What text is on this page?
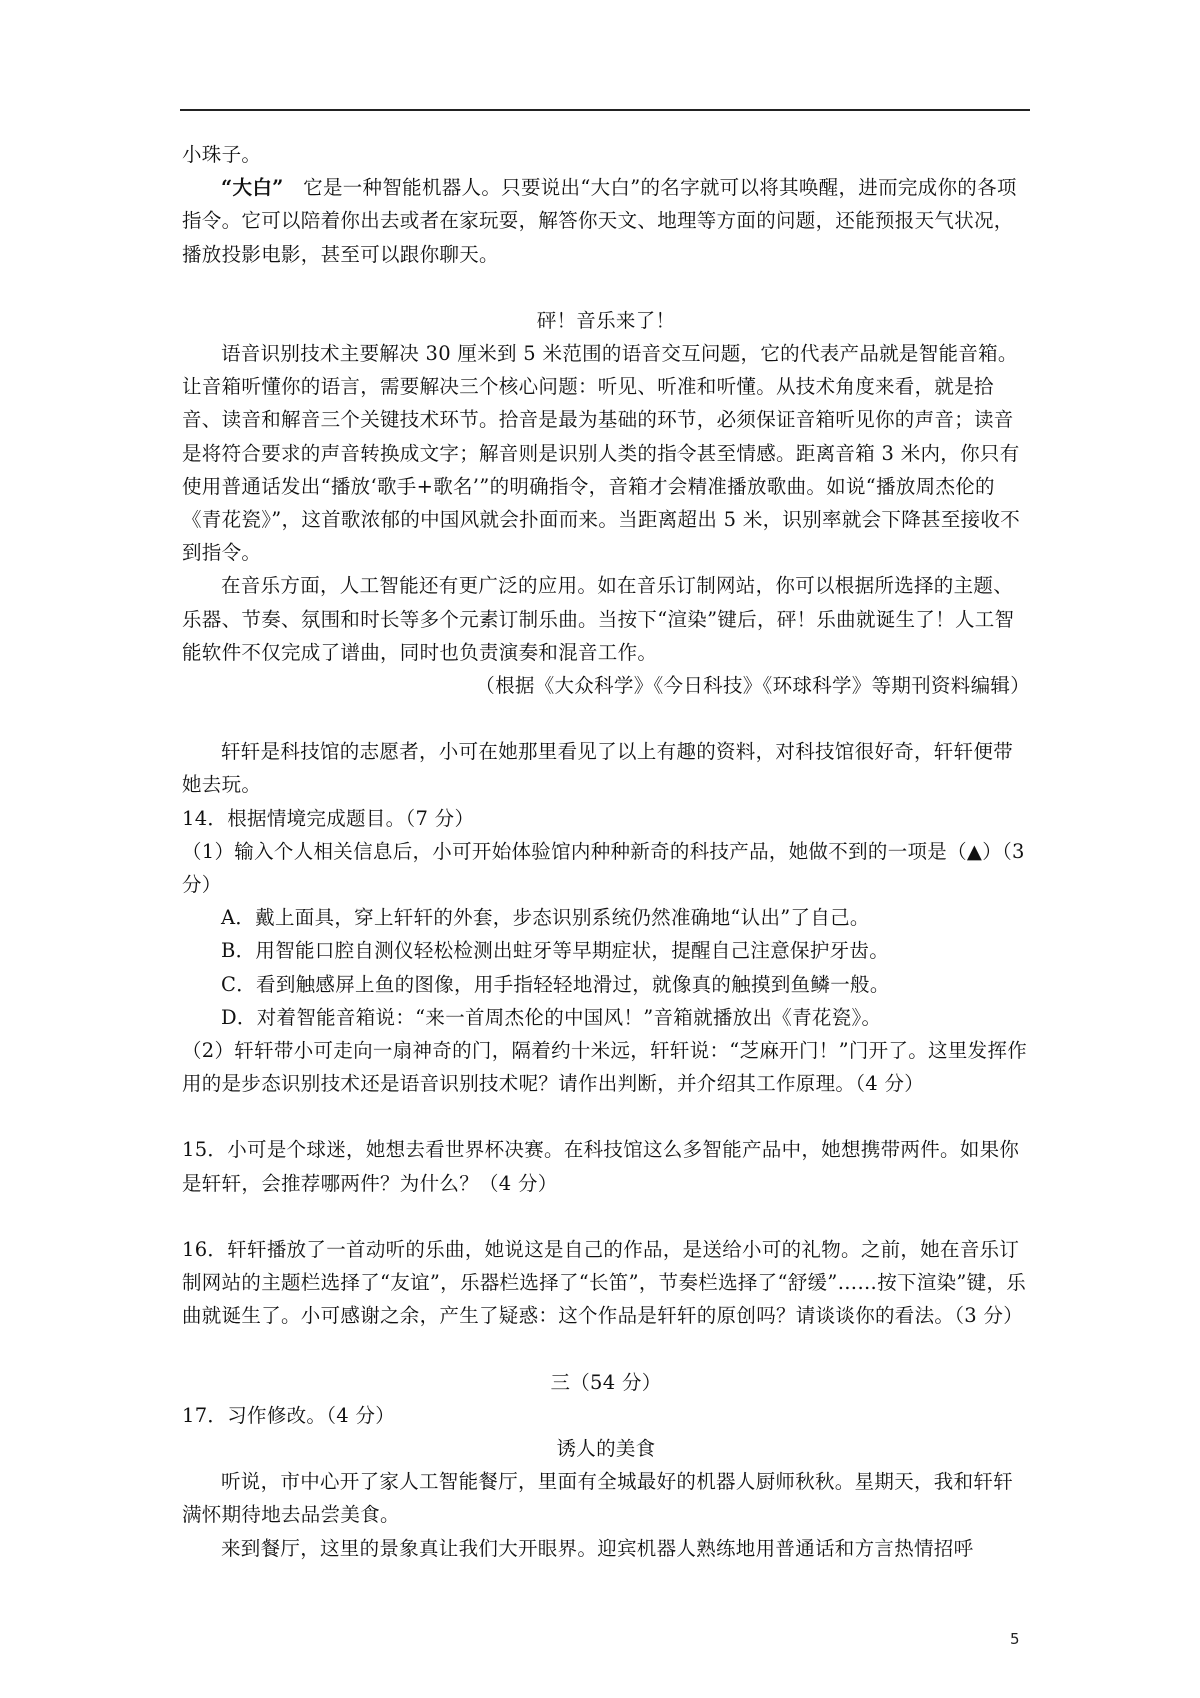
小珠子。

“大白” 它是一种智能机器人。只要说出“大白”的名字就可以将其唤醒，进而完成你的各项指令。它可以陪着你出去或者在家玩耍，解答你天文、地理等方面的问题，还能预报天气状况，播放投影电影，甚至可以跟你聊天。

砰！音乐来了！

语音识别技术主要解决 30 厘米到 5 米范围的语音交互问题，它的代表产品就是智能音箱。让音箱听懂你的语言，需要解决三个核心问题：听见、听准和听懂。从技术角度来看，就是拾音、读音和解音三个关键技术环节。拾音是最为基础的环节，必须保证音箱听见你的声音；读音是将符合要求的声音转换成文字；解音则是识别人类的指令甚至情感。距离音箱 3 米内，你只有使用普通话发出“播放‘歌手+歌名’”的明确指令，音箱才会精准播放歌曲。如说“播放周杰伦的《青花瓷》”，这首歌浓郁的中国风就会扑面而来。当距离超出 5 米，识别率就会下降甚至接收不到指令。

在音乐方面，人工智能还有更广泛的应用。如在音乐订制网站，你可以根据所选择的主题、乐器、节奏、氛围和时长等多个元素订制乐曲。当按下“渲染”键后，砰！乐曲就诞生了！人工智能软件不仅完成了谱曲，同时也负责演奏和混音工作。

（根据《大众科学》《今日科技》《环球科学》等期刊资料编辑）

轩轩是科技馆的志愿者，小可在她那里看见了以上有趣的资料，对科技馆很好奇，轩轩便带她去玩。

14．根据情境完成题目。（7 分）

（1）输入个人相关信息后，小可开始体验馆内种种新奇的科技产品，她做不到的一项是（▲）（3 分）

A．戴上面具，穿上轩轩的外套，步态识别系统仍然准确地“认出”了自己。

B．用智能口腔自测仪轻松检测出蛀牙等早期症状，提醒自己注意保护牙齿。

C．看到触感屏上鱼的图像，用手指轻轻地滑过，就像真的触摸到鱼鳞一般。

D．对着智能音箱说：“来一首周杰伦的中国风！”音箱就播放出《青花瓷》。

（2）轩轩带小可走向一扇神奇的门，隔着约十米远，轩轩说：“芝麻开门！”门开了。这里发挥作用的是步态识别技术还是语音识别技术呢？请作出判断，并介绍其工作原理。（4 分）

15．小可是个球迷，她想去看世界杯决赛。在科技馆这么多智能产品中，她想携带两件。如果你是轩轩，会推荐哪两件？为什么？（4 分）

16．轩轩播放了一首动听的乐曲，她说这是自己的作品，是送给小可的礼物。之前，她在音乐订制网站的主题栏选择了“友谊”，乐器栏选择了“长笛”，节奏栏选择了“舒缓”……按下渲染”键，乐曲就诞生了。小可感谢之余，产生了疑惑：这个作品是轩轩的原创吗？请谈谈你的看法。（3 分）

三（54 分）

17．习作修改。（4 分）

诱人的美食

听说，市中心开了家人工智能餐厅，里面有全城最好的机器人厨师秋秋。星期天，我和轩轩满怀期待地去品尝美食。

来到餐厅，这里的景象真让我们大开眼界。迎宾机器人熟练地用普通话和方言热情招呼

5
